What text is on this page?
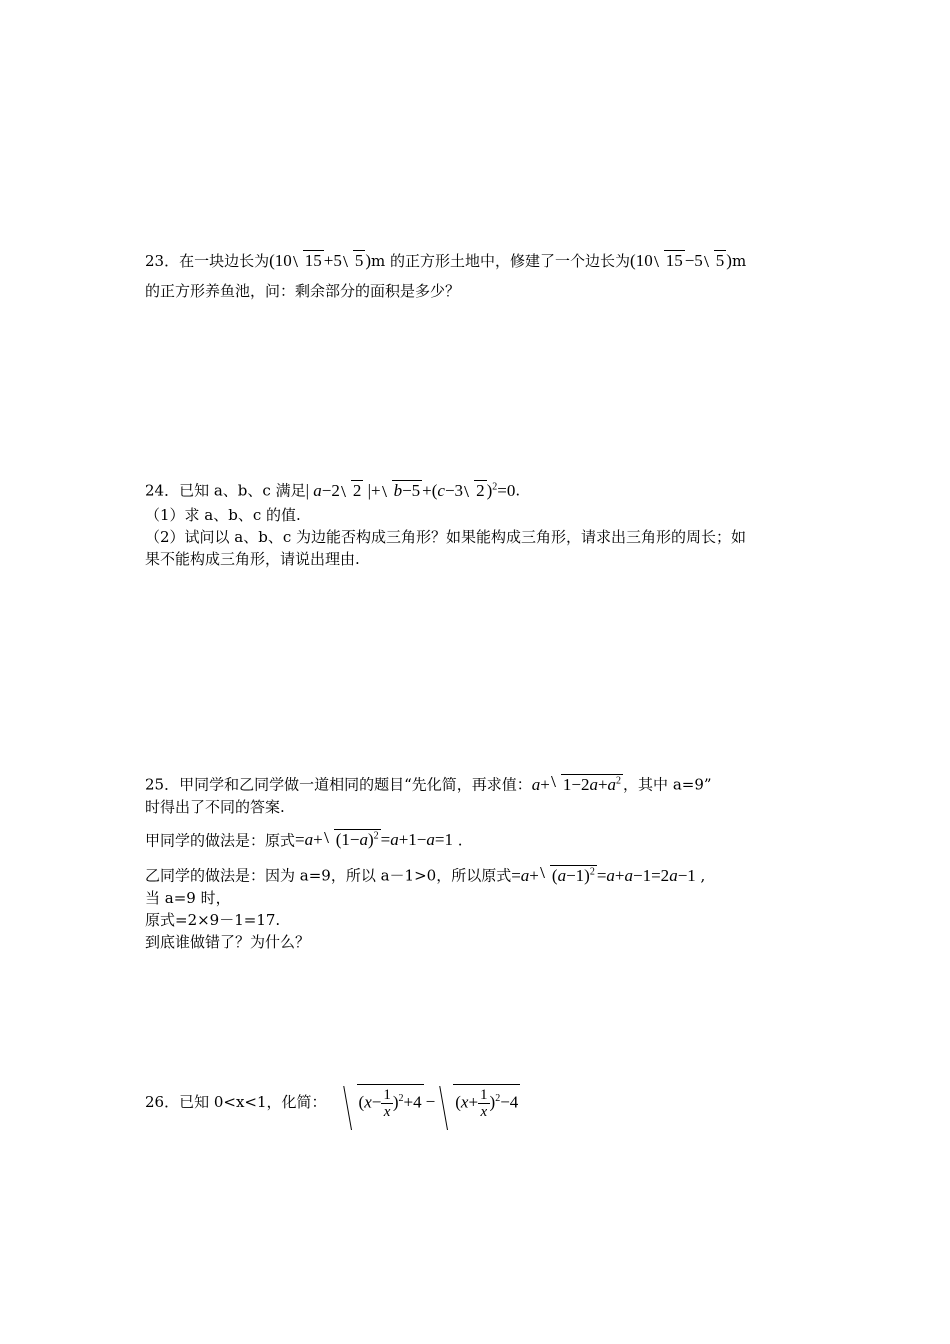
23．在一块边长为(10 15 +5 5 )m 的正方形土地中，修建了一个边长为(10 15 −5 5 )m
的正方形养鱼池，问：剩余部分的面积是多少？
24．已知 a、b、c 满足| a−2 2 |+ b−5 +(c−3 2 )$^2$=0.
（1）求 a、b、c 的值.
（2）试问以 a、b、c 为边能否构成三角形？如果能构成三角形，请求出三角形的周长；如
果不能构成三角形，请说出理由.
25．甲同学和乙同学做一道相同的题目“先化简，再求值：$a+ 1-2a+a^2$ ，其中 a=9”
时得出了不同的答案.
甲同学的做法是：原式$=a+ (1-a)^2 =a+1-a=1$ .
乙同学的做法是：因为 a=9，所以 a－1>0，所以原式$=a+ (a-1)^2 =a+a-1=2a-1$ ,
当 a=9 时，
原式=2×9－1=17.
到底谁做错了？为什么？
26．已知 0<x<1，化简：	$(x- \frac{1}{x} )^2+4$ −	$(x+ \frac{1}{x} )^2-4$
